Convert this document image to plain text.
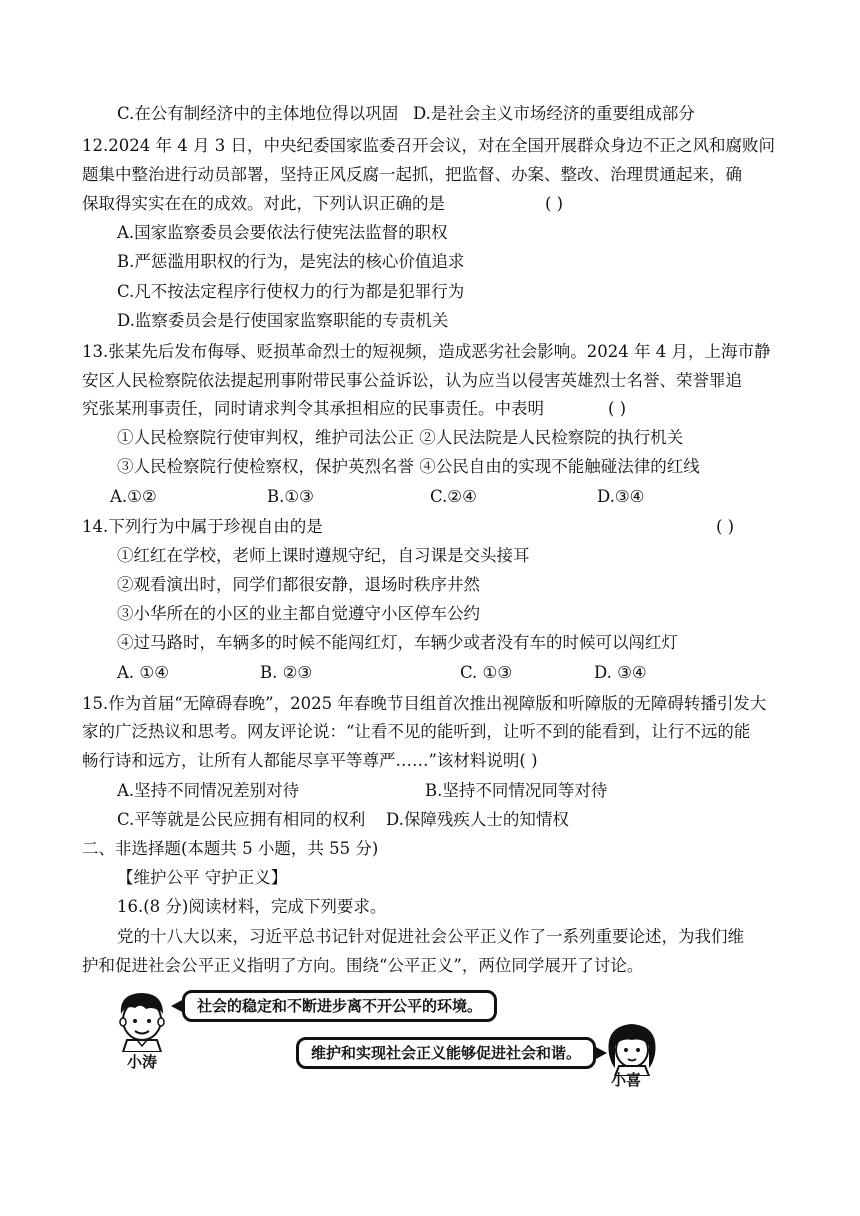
C.在公有制经济中的主体地位得以巩固 D.是社会主义市场经济的重要组成部分
12.2024 年 4 月 3 日，中央纪委国家监委召开会议，对在全国开展群众身边不正之风和腐败问
题集中整治进行动员部署，坚持正风反腐一起抓，把监督、办案、整改、治理贯通起来，确
保取得实实在在的成效。对此，下列认识正确的是	( )
A.国家监察委员会要依法行使宪法监督的职权
B.严惩滥用职权的行为，是宪法的核心价值追求
C.凡不按法定程序行使权力的行为都是犯罪行为
D.监察委员会是行使国家监察职能的专责机关
13.张某先后发布侮辱、贬损革命烈士的短视频，造成恶劣社会影响。2024 年 4 月，上海市静
安区人民检察院依法提起刑事附带民事公益诉讼，认为应当以侵害英雄烈士名誉、荣誉罪追
究张某刑事责任，同时请求判令其承担相应的民事责任。中表明	( )
①人民检察院行使审判权，维护司法公正 ②人民法院是人民检察院的执行机关
③人民检察院行使检察权，保护英烈名誉 ④公民自由的实现不能触碰法律的红线
A.①②	B.①③	C.②④	D.③④
14.下列行为中属于珍视自由的是	( )
①红红在学校，老师上课时遵规守纪，自习课是交头接耳
②观看演出时，同学们都很安静，退场时秩序井然
③小华所在的小区的业主都自觉遵守小区停车公约
④过马路时，车辆多的时候不能闯红灯，车辆少或者没有车的时候可以闯红灯
A. ①④	B. ②③	C. ①③	D. ③④
15.作为首届“无障碍春晚”，2025 年春晚节目组首次推出视障版和听障版的无障碍转播引发大
家的广泛热议和思考。网友评论说：“让看不见的能听到，让听不到的能看到，让行不远的能
畅行诗和远方，让所有人都能尽享平等尊严……”该材料说明( )
A.坚持不同情况差别对待	B.坚持不同情况同等对待
C.平等就是公民应拥有相同的权利 D.保障残疾人士的知情权
二、非选择题(本题共 5 小题，共 55 分)
【维护公平 守护正义】
16.(8 分)阅读材料，完成下列要求。
党的十八大以来，习近平总书记针对促进社会公平正义作了一系列重要论述，为我们维
护和促进社会公平正义指明了方向。围绕“公平正义”，两位同学展开了讨论。
小涛
社会的稳定和不断进步离不开公平的环境。
维护和实现社会正义能够促进社会和谐。
小喜
